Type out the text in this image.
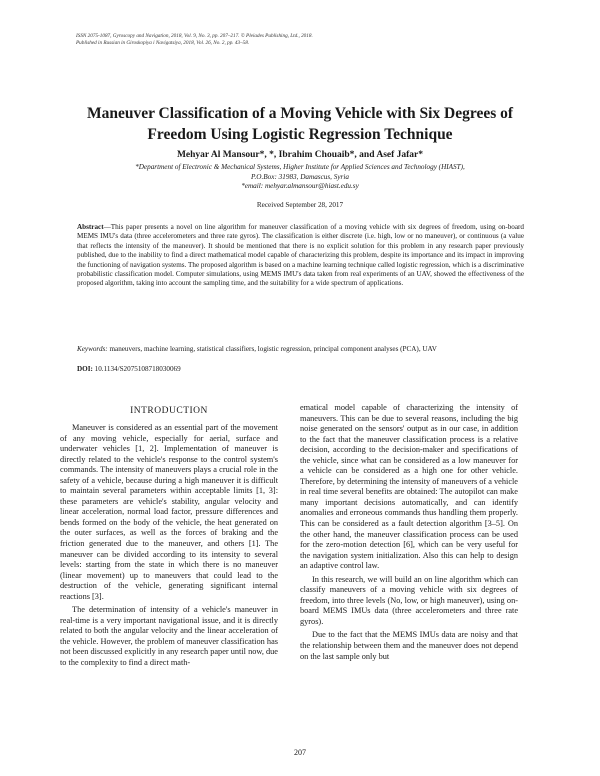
ISSN 2075-1087, Gyroscopy and Navigation, 2018, Vol. 9, No. 3, pp. 207–217. © Pleiades Publishing, Ltd., 2018.
Published in Russian in Giroskopiya i Navigatsiya, 2018, Vol. 26, No. 2, pp. 43–58.
Maneuver Classification of a Moving Vehicle with Six Degrees of Freedom Using Logistic Regression Technique
Mehyar Al Mansour*, *, Ibrahim Chouaib*, and Asef Jafar*
*Department of Electronic & Mechanical Systems, Higher Institute for Applied Sciences and Technology (HIAST),
P.O.Box: 31983, Damascus, Syria
*email: mehyar.almansour@hiast.edu.sy
Received September 28, 2017
Abstract—This paper presents a novel on line algorithm for maneuver classification of a moving vehicle with six degrees of freedom, using on-board MEMS IMU's data (three accelerometers and three rate gyros). The classification is either discrete (i.e. high, low or no maneuver), or continuous (a value that reflects the intensity of the maneuver). It should be mentioned that there is no explicit solution for this problem in any research paper previously published, due to the inability to find a direct mathematical model capable of characterizing this problem, despite its importance and its impact in improving the functioning of navigation systems. The proposed algorithm is based on a machine learning technique called logistic regression, which is a discriminative probabilistic classification model. Computer simulations, using MEMS IMU's data taken from real experiments of an UAV, showed the effectiveness of the proposed algorithm, taking into account the sampling time, and the suitability for a wide spectrum of applications.
Keywords: maneuvers, machine learning, statistical classifiers, logistic regression, principal component analyses (PCA), UAV
DOI: 10.1134/S2075108718030069
INTRODUCTION

Maneuver is considered as an essential part of the movement of any moving vehicle, especially for aerial, surface and underwater vehicles [1, 2]. Implementation of maneuver is directly related to the vehicle's response to the control system's commands. The intensity of maneuvers plays a crucial role in the safety of a vehicle, because during a high maneuver it is difficult to maintain several parameters within acceptable limits [1, 3]: these parameters are vehicle's stability, angular velocity and linear acceleration, normal load factor, pressure differences and bends formed on the body of the vehicle, the heat generated on the outer surfaces, as well as the forces of braking and the friction generated due to the maneuver, and others [1]. The maneuver can be divided according to its intensity to several levels: starting from the state in which there is no maneuver (linear movement) up to maneuvers that could lead to the destruction of the vehicle, generating significant internal reactions [3].

The determination of intensity of a vehicle's maneuver in real-time is a very important navigational issue, and it is directly related to both the angular velocity and the linear acceleration of the vehicle. However, the problem of maneuver classification has not been discussed explicitly in any research paper until now, due to the complexity to find a direct math-

ematical model capable of characterizing the intensity of maneuvers. This can be due to several reasons, including the big noise generated on the sensors' output as in our case, in addition to the fact that the maneuver classification process is a relative decision, according to the decision-maker and specifications of the vehicle, since what can be considered as a low maneuver for a vehicle can be considered as a high one for other vehicle. Therefore, by determining the intensity of maneuvers of a vehicle in real time several benefits are obtained: The autopilot can make many important decisions automatically, and can identify anomalies and erroneous commands thus handling them properly. This can be considered as a fault detection algorithm [3–5]. On the other hand, the maneuver classification process can be used for the zero-motion detection [6], which can be very useful for the navigation system initialization. Also this can help to design an adaptive control law.

In this research, we will build an on line algorithm which can classify maneuvers of a moving vehicle with six degrees of freedom, into three levels (No, low, or high maneuver), using on-board MEMS IMUs data (three accelerometers and three rate gyros).

Due to the fact that the MEMS IMUs data are noisy and that the relationship between them and the maneuver does not depend on the last sample only but

207
